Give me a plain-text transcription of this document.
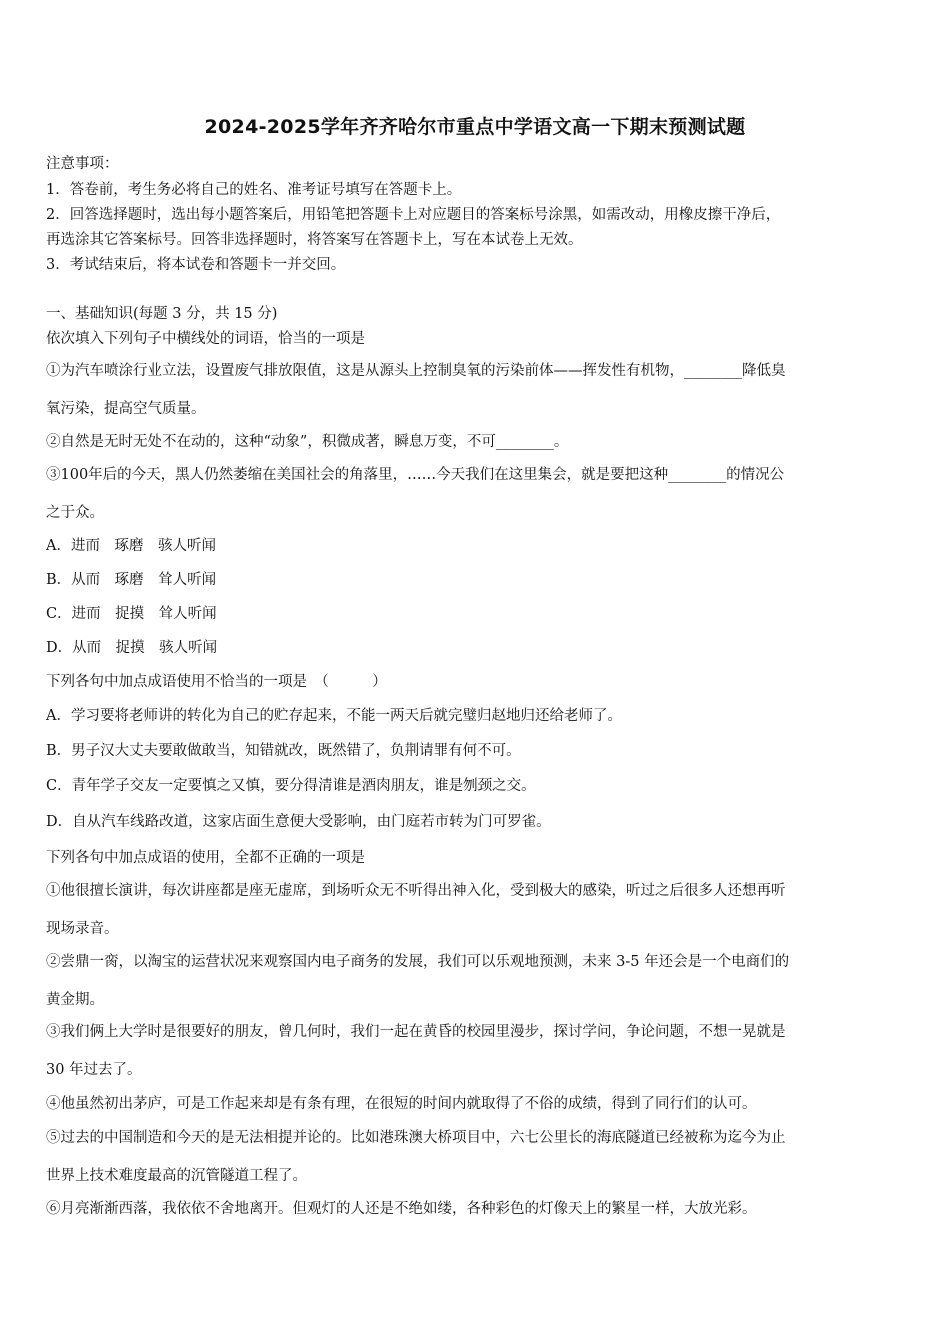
2024-2025学年齐齐哈尔市重点中学语文高一下期末预测试题
注意事项：
1．答卷前，考生务必将自己的姓名、准考证号填写在答题卡上。
2．回答选择题时，选出每小题答案后，用铅笔把答题卡上对应题目的答案标号涂黑，如需改动，用橡皮擦干净后，
再选涂其它答案标号。回答非选择题时，将答案写在答题卡上，写在本试卷上无效。
3．考试结束后，将本试卷和答题卡一并交回。
一、基础知识(每题 3 分，共 15 分)
依次填入下列句子中横线处的词语，恰当的一项是
①为汽车喷涂行业立法，设置废气排放限值，这是从源头上控制臭氧的污染前体——挥发性有机物，________降低臭
氧污染，提高空气质量。
②自然是无时无处不在动的，这种“动象”，积微成著，瞬息万变，不可________。
③100年后的今天，黑人仍然萎缩在美国社会的角落里，……今天我们在这里集会，就是要把这种________的情况公
之于众。
A．进而　琢磨　骇人听闻
B．从而　琢磨　耸人听闻
C．进而　捉摸　耸人听闻
D．从而　捉摸　骇人听闻
下列各句中加点成语使用不恰当的一项是　（　　　）
A．学习要将老师讲的转化为自己的贮存起来，不能一两天后就完璧归赵地归还给老师了。
B．男子汉大丈夫要敢做敢当，知错就改，既然错了，负荆请罪有何不可。
C．青年学子交友一定要慎之又慎，要分得清谁是酒肉朋友，谁是刎颈之交。
D．自从汽车线路改道，这家店面生意便大受影响，由门庭若市转为门可罗雀。
下列各句中加点成语的使用，全都不正确的一项是
①他很擅长演讲，每次讲座都是座无虚席，到场听众无不听得出神入化，受到极大的感染，听过之后很多人还想再听
现场录音。
②尝鼎一脔，以淘宝的运营状况来观察国内电子商务的发展，我们可以乐观地预测，未来 3-5 年还会是一个电商们的
黄金期。
③我们俩上大学时是很要好的朋友，曾几何时，我们一起在黄昏的校园里漫步，探讨学问，争论问题，不想一晃就是
30 年过去了。
④他虽然初出茅庐，可是工作起来却是有条有理，在很短的时间内就取得了不俗的成绩，得到了同行们的认可。
⑤过去的中国制造和今天的是无法相提并论的。比如港珠澳大桥项目中，六七公里长的海底隧道已经被称为迄今为止
世界上技术难度最高的沉管隧道工程了。
⑥月亮渐渐西落，我依依不舍地离开。但观灯的人还是不绝如缕，各种彩色的灯像天上的繁星一样，大放光彩。
